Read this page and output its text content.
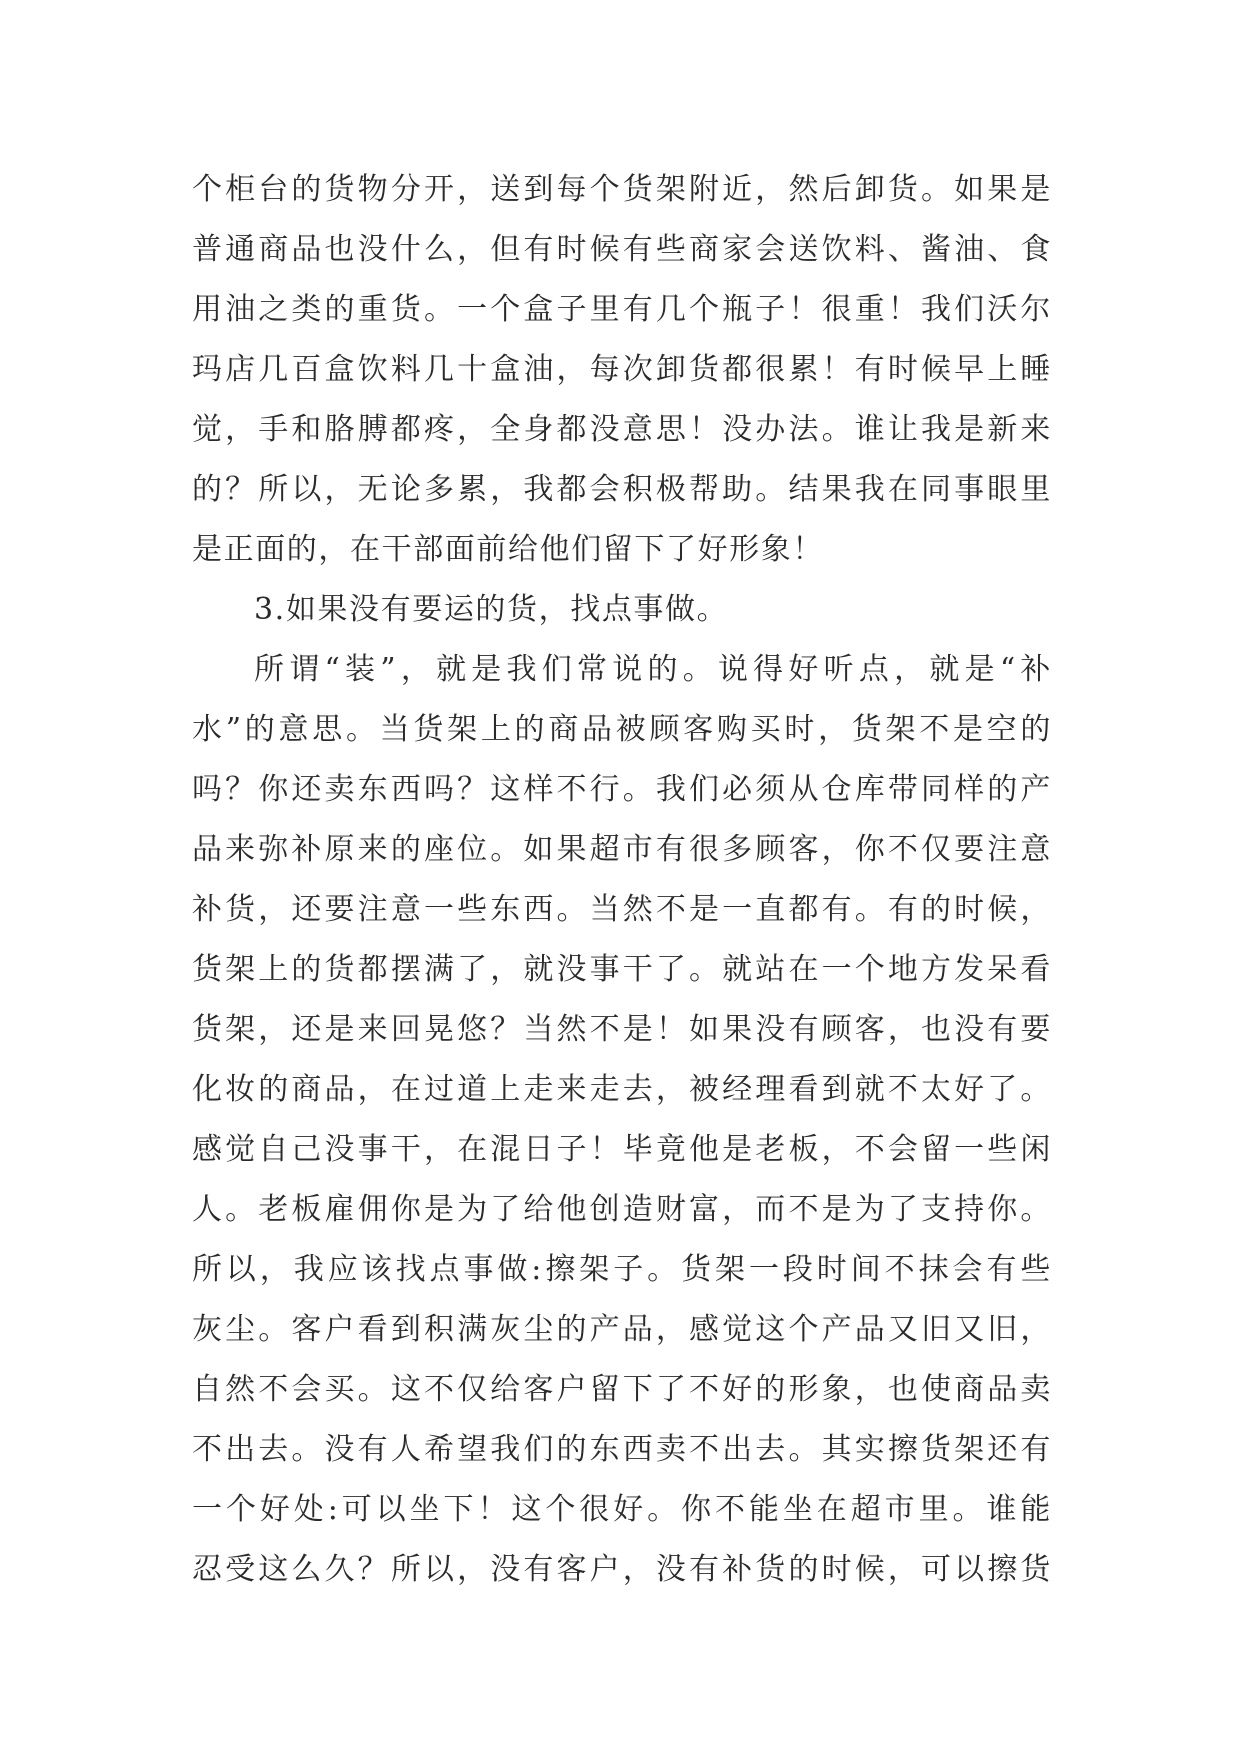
个柜台的货物分开，送到每个货架附近，然后卸货。如果是
普通商品也没什么，但有时候有些商家会送饮料、酱油、食
用油之类的重货。一个盒子里有几个瓶子！很重！我们沃尔
玛店几百盒饮料几十盒油，每次卸货都很累！有时候早上睡
觉，手和胳膊都疼，全身都没意思！没办法。谁让我是新来
的？所以，无论多累，我都会积极帮助。结果我在同事眼里
是正面的，在干部面前给他们留下了好形象！
3.如果没有要运的货，找点事做。
所谓“装”，就是我们常说的。说得好听点，就是“补
水”的意思。当货架上的商品被顾客购买时，货架不是空的
吗？你还卖东西吗？这样不行。我们必须从仓库带同样的产
品来弥补原来的座位。如果超市有很多顾客，你不仅要注意
补货，还要注意一些东西。当然不是一直都有。有的时候，
货架上的货都摆满了，就没事干了。就站在一个地方发呆看
货架，还是来回晃悠？当然不是！如果没有顾客，也没有要
化妆的商品，在过道上走来走去，被经理看到就不太好了。
感觉自己没事干，在混日子！毕竟他是老板，不会留一些闲
人。老板雇佣你是为了给他创造财富，而不是为了支持你。
所以，我应该找点事做:擦架子。货架一段时间不抹会有些
灰尘。客户看到积满灰尘的产品，感觉这个产品又旧又旧，
自然不会买。这不仅给客户留下了不好的形象，也使商品卖
不出去。没有人希望我们的东西卖不出去。其实擦货架还有
一个好处:可以坐下！这个很好。你不能坐在超市里。谁能
忍受这么久？所以，没有客户，没有补货的时候，可以擦货
